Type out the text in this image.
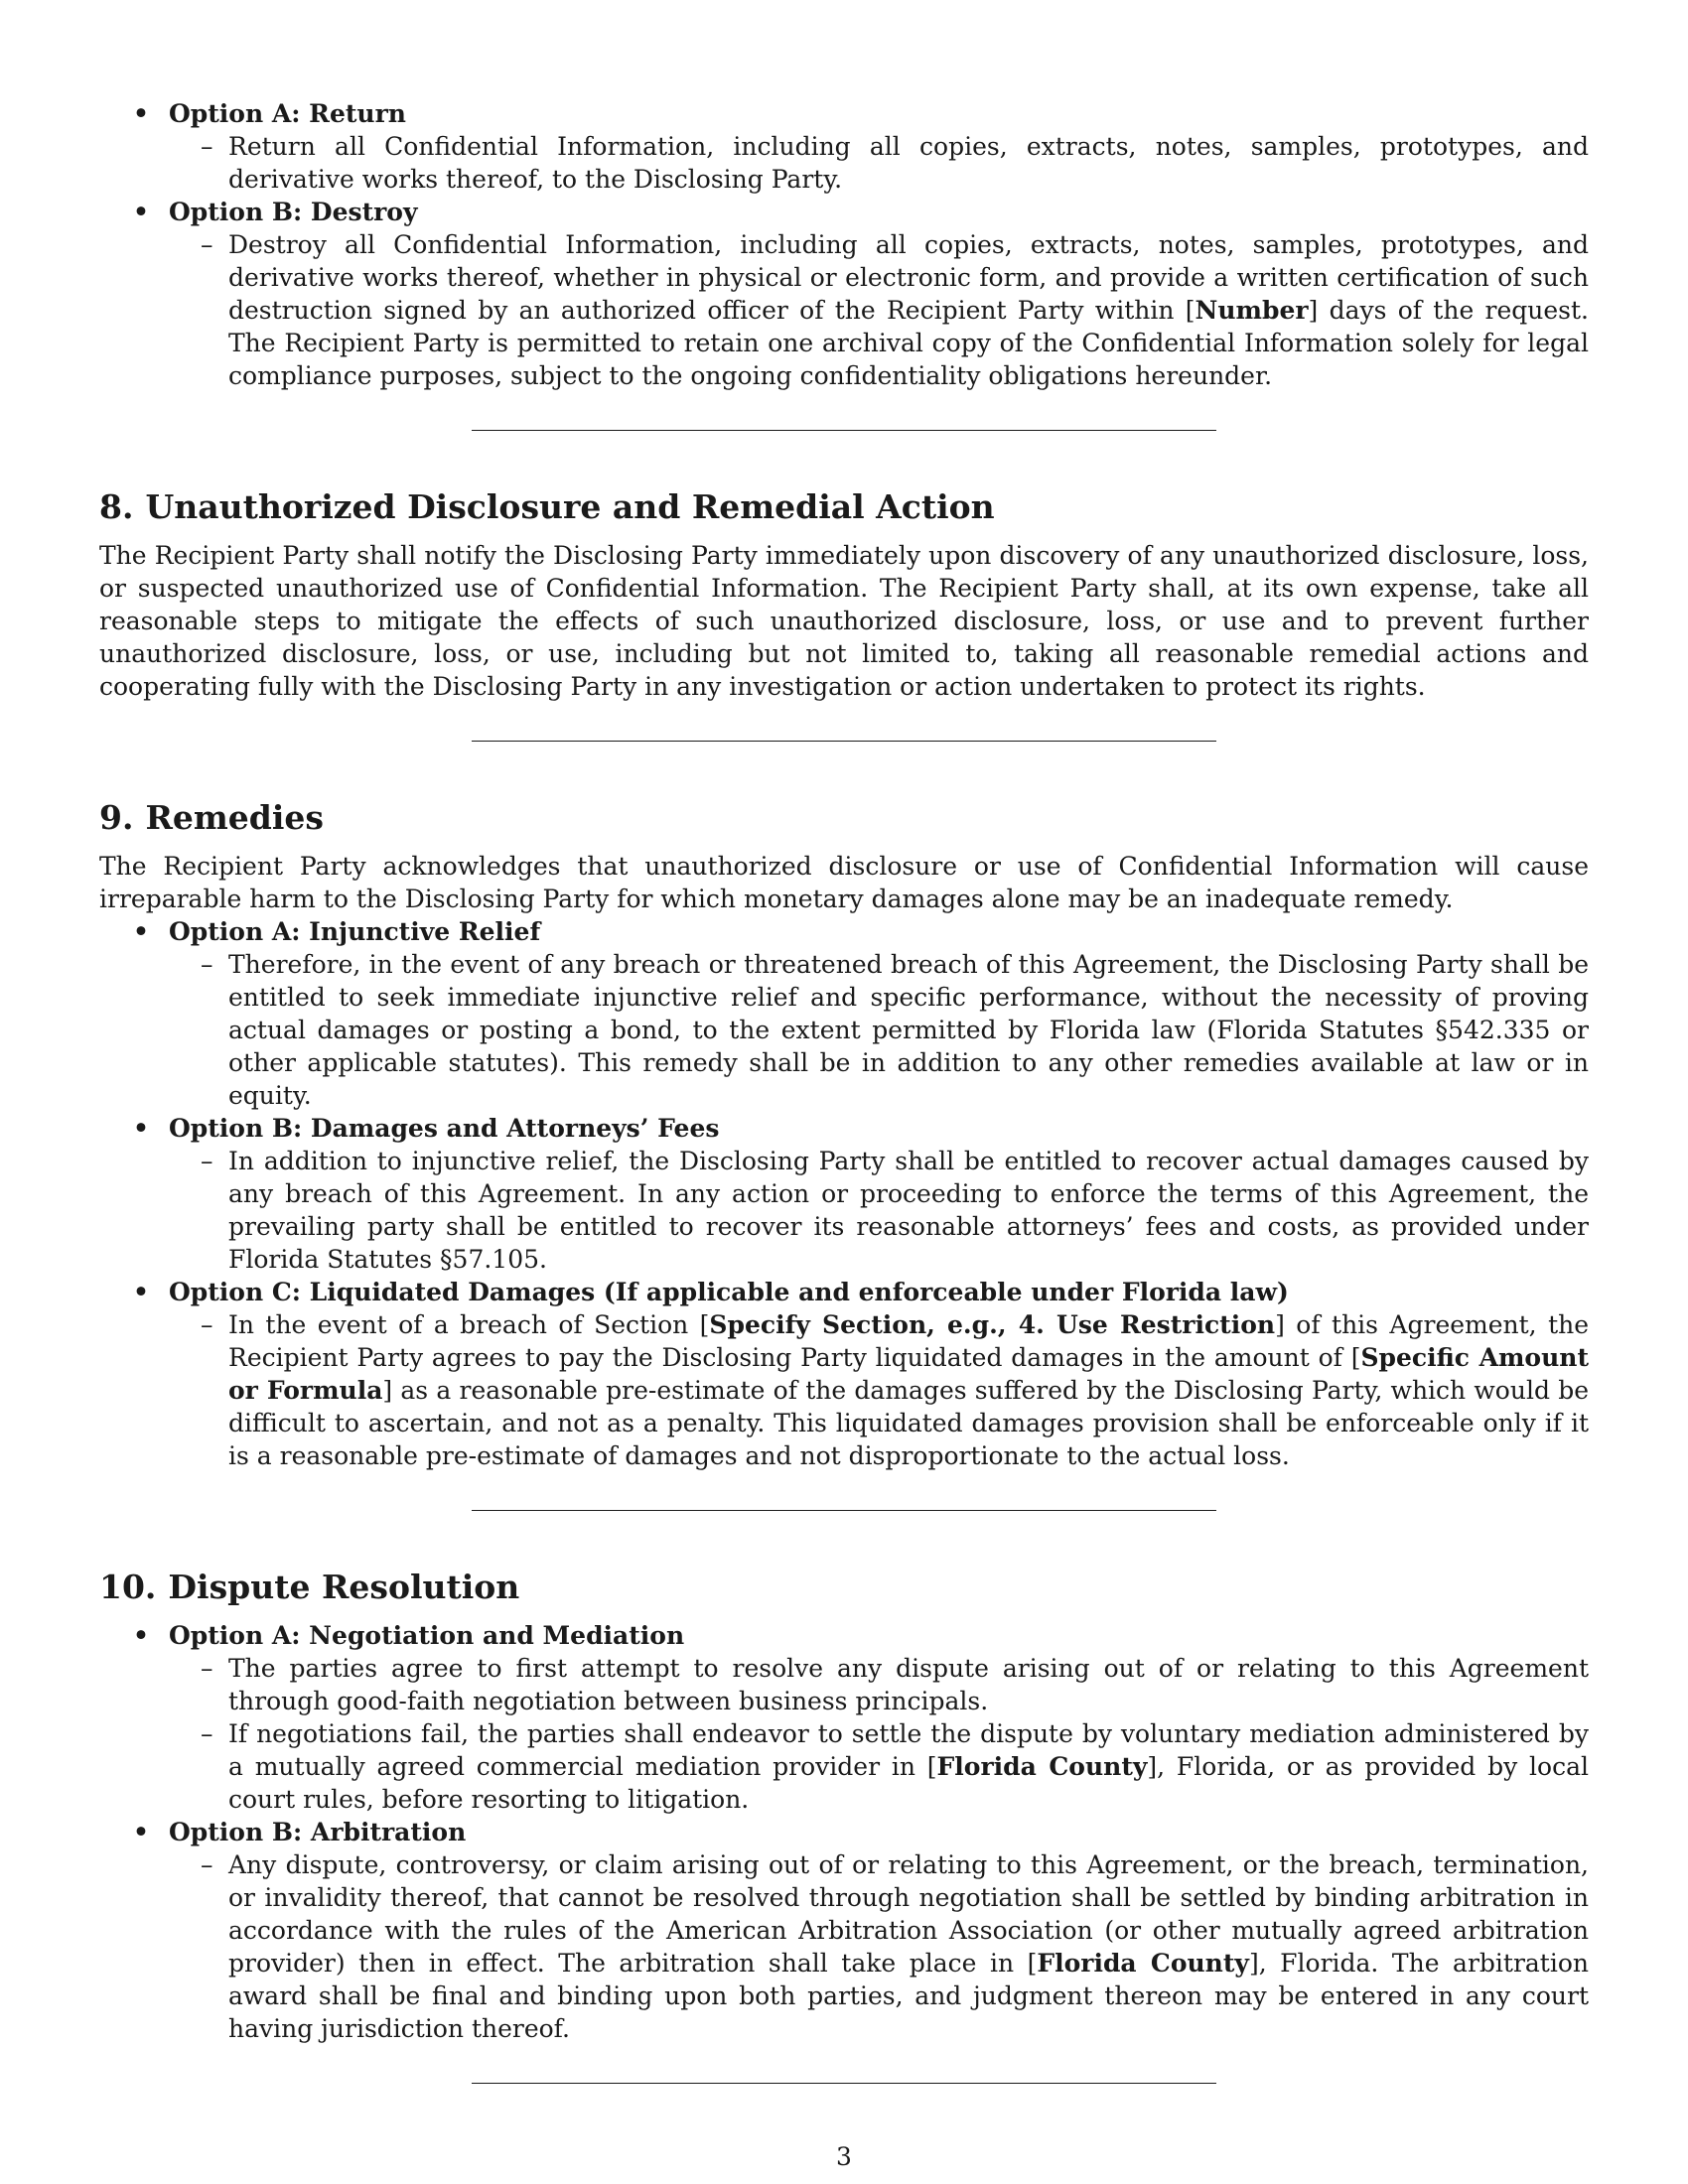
• Option A: Return
– Return all Confidential Information, including all copies, extracts, notes, samples, prototypes, and derivative works thereof, to the Disclosing Party.
• Option B: Destroy
– Destroy all Confidential Information, including all copies, extracts, notes, samples, prototypes, and derivative works thereof, whether in physical or electronic form, and provide a written certification of such destruction signed by an authorized officer of the Recipient Party within [Number] days of the request. The Recipient Party is permitted to retain one archival copy of the Confidential Information solely for legal compliance purposes, subject to the ongoing confidentiality obligations hereunder.
8. Unauthorized Disclosure and Remedial Action

The Recipient Party shall notify the Disclosing Party immediately upon discovery of any unauthorized disclosure, loss, or suspected unauthorized use of Confidential Information. The Recipient Party shall, at its own expense, take all reasonable steps to mitigate the effects of such unauthorized disclosure, loss, or use and to prevent further unauthorized disclosure, loss, or use, including but not limited to, taking all reasonable remedial actions and cooperating fully with the Disclosing Party in any investigation or action undertaken to protect its rights.

9. Remedies

The Recipient Party acknowledges that unauthorized disclosure or use of Confidential Information will cause irreparable harm to the Disclosing Party for which monetary damages alone may be an inadequate remedy.

• Option A: Injunctive Relief
– Therefore, in the event of any breach or threatened breach of this Agreement, the Disclosing Party shall be entitled to seek immediate injunctive relief and specific performance, without the necessity of proving actual damages or posting a bond, to the extent permitted by Florida law (Florida Statutes §542.335 or other applicable statutes). This remedy shall be in addition to any other remedies available at law or in equity.
• Option B: Damages and Attorneys’ Fees
– In addition to injunctive relief, the Disclosing Party shall be entitled to recover actual damages caused by any breach of this Agreement. In any action or proceeding to enforce the terms of this Agreement, the prevailing party shall be entitled to recover its reasonable attorneys’ fees and costs, as provided under Florida Statutes §57.105.
• Option C: Liquidated Damages (If applicable and enforceable under Florida law)
– In the event of a breach of Section [Specify Section, e.g., 4. Use Restriction] of this Agreement, the Recipient Party agrees to pay the Disclosing Party liquidated damages in the amount of [Specific Amount or Formula] as a reasonable pre-estimate of the damages suffered by the Disclosing Party, which would be difficult to ascertain, and not as a penalty. This liquidated damages provision shall be enforceable only if it is a reasonable pre-estimate of damages and not disproportionate to the actual loss.
10. Dispute Resolution
• Option A: Negotiation and Mediation
– The parties agree to first attempt to resolve any dispute arising out of or relating to this Agreement through good-faith negotiation between business principals.
– If negotiations fail, the parties shall endeavor to settle the dispute by voluntary mediation administered by a mutually agreed commercial mediation provider in [Florida County], Florida, or as provided by local court rules, before resorting to litigation.
• Option B: Arbitration
– Any dispute, controversy, or claim arising out of or relating to this Agreement, or the breach, termination, or invalidity thereof, that cannot be resolved through negotiation shall be settled by binding arbitration in accordance with the rules of the American Arbitration Association (or other mutually agreed arbitration provider) then in effect. The arbitration shall take place in [Florida County], Florida. The arbitration award shall be final and binding upon both parties, and judgment thereon may be entered in any court having jurisdiction thereof.
3
